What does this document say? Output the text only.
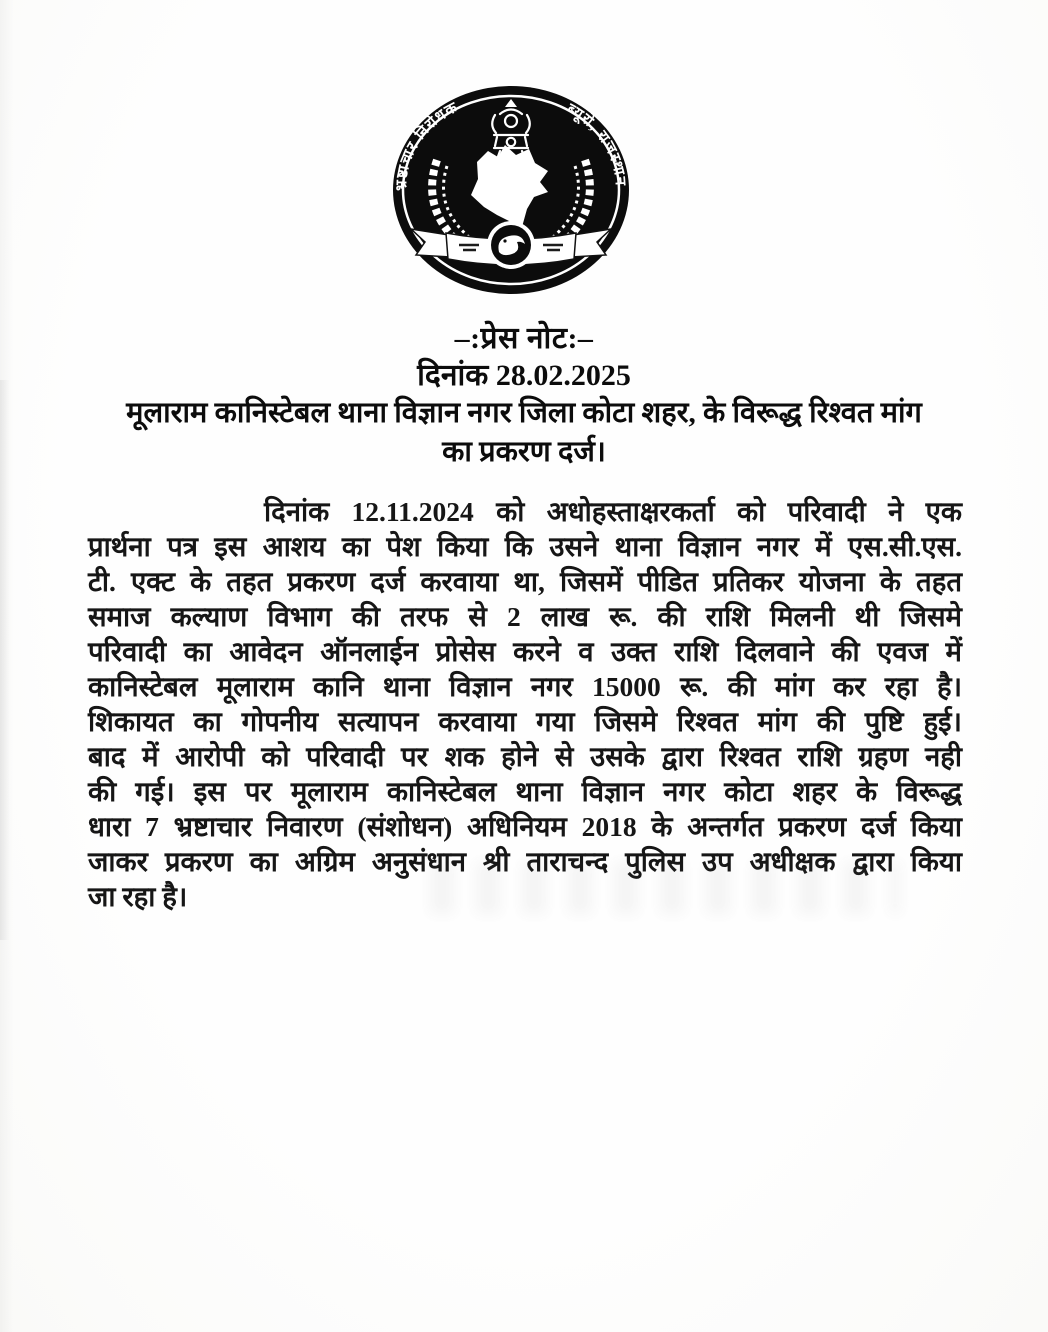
भ्रष्टाचार निरोधक	ब्यूरो, राजस्थान
–:प्रेस नोट:–
दिनांक 28.02.2025
मूलाराम कानिस्टेबल थाना विज्ञान नगर जिला कोटा शहर, के विरूद्ध रिश्वत मांग
का प्रकरण दर्ज।
दिनांक 12.11.2024 को अधोहस्ताक्षरकर्ता को परिवादी ने एक
प्रार्थना पत्र इस आशय का पेश किया कि उसने थाना विज्ञान नगर में एस.सी.एस.
टी. एक्ट के तहत प्रकरण दर्ज करवाया था, जिसमें पीडित प्रतिकर योजना के तहत
समाज कल्याण विभाग की तरफ से 2 लाख रू. की राशि मिलनी थी जिसमे
परिवादी का आवेदन ऑनलाईन प्रोसेस करने व उक्त राशि दिलवाने की एवज में
कानिस्टेबल मूलाराम कानि थाना विज्ञान नगर 15000 रू. की मांग कर रहा है।
शिकायत का गोपनीय सत्यापन करवाया गया जिसमे रिश्वत मांग की पुष्टि हुई।
बाद में आरोपी को परिवादी पर शक होने से उसके द्वारा रिश्वत राशि ग्रहण नही
की गई। इस पर मूलाराम कानिस्टेबल थाना विज्ञान नगर कोटा शहर के विरूद्ध
धारा 7 भ्रष्टाचार निवारण (संशोधन) अधिनियम 2018 के अन्तर्गत प्रकरण दर्ज किया
जाकर प्रकरण का अग्रिम अनुसंधान श्री ताराचन्द पुलिस उप अधीक्षक द्वारा किया
जा रहा है।
